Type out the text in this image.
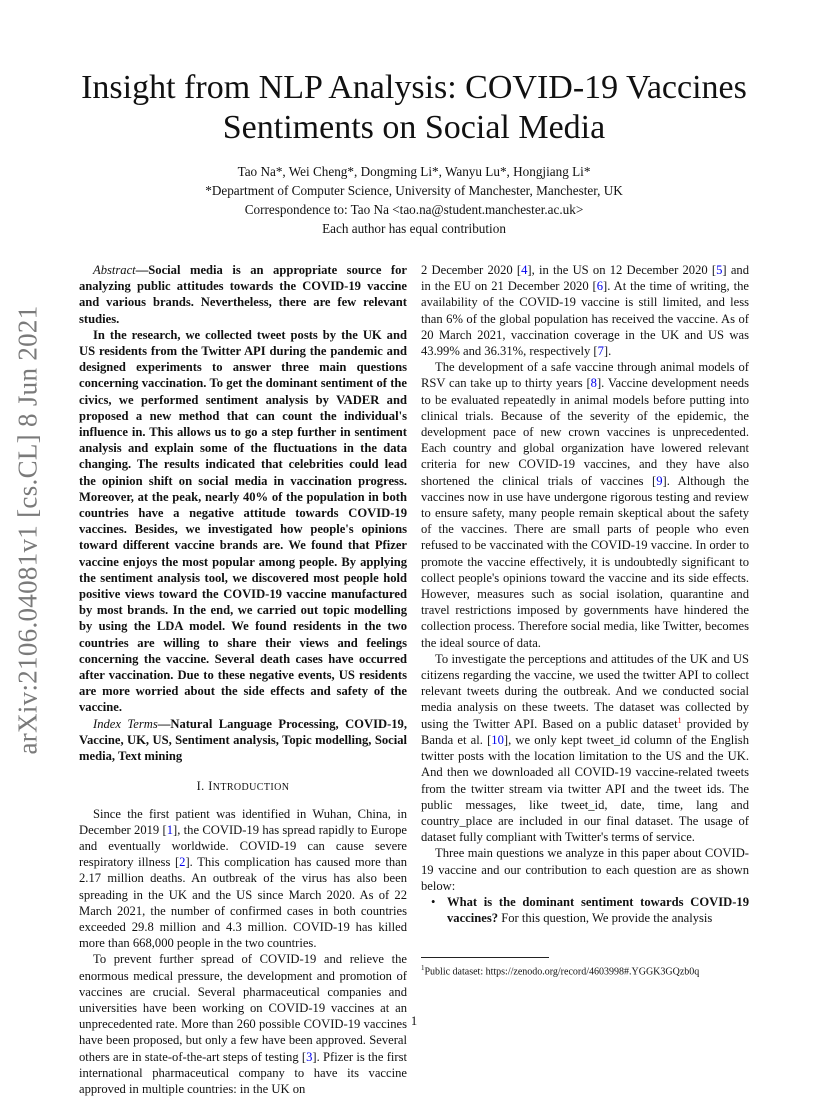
arXiv:2106.04081v1 [cs.CL] 8 Jun 2021
Insight from NLP Analysis: COVID-19 Vaccines
Sentiments on Social Media
Tao Na*, Wei Cheng*, Dongming Li*, Wanyu Lu*, Hongjiang Li*
*Department of Computer Science, University of Manchester, Manchester, UK
Correspondence to: Tao Na <tao.na@student.manchester.ac.uk>
Each author has equal contribution

Abstract—Social media is an appropriate source for analyzing public attitudes towards the COVID-19 vaccine and various brands. Nevertheless, there are few relevant studies.

In the research, we collected tweet posts by the UK and US residents from the Twitter API during the pandemic and designed experiments to answer three main questions concerning vaccination. To get the dominant sentiment of the civics, we performed sentiment analysis by VADER and proposed a new method that can count the individual's influence in. This allows us to go a step further in sentiment analysis and explain some of the fluctuations in the data changing. The results indicated that celebrities could lead the opinion shift on social media in vaccination progress. Moreover, at the peak, nearly 40% of the population in both countries have a negative attitude towards COVID-19 vaccines. Besides, we investigated how people's opinions toward different vaccine brands are. We found that Pfizer vaccine enjoys the most popular among people. By applying the sentiment analysis tool, we discovered most people hold positive views toward the COVID-19 vaccine manufactured by most brands. In the end, we carried out topic modelling by using the LDA model. We found residents in the two countries are willing to share their views and feelings concerning the vaccine. Several death cases have occurred after vaccination. Due to these negative events, US residents are more worried about the side effects and safety of the vaccine.

Index Terms—Natural Language Processing, COVID-19, Vaccine, UK, US, Sentiment analysis, Topic modelling, Social media, Text mining

I. INTRODUCTION

Since the first patient was identified in Wuhan, China, in December 2019 [ 1 ] , the COVID-19 has spread rapidly to Europe and eventually worldwide. COVID-19 can cause severe respiratory illness [ 2 ] . This complication has caused more than 2.17 million deaths. An outbreak of the virus has also been spreading in the UK and the US since March 2020. As of 22 March 2021, the number of confirmed cases in both countries exceeded 29.8 million and 4.3 million. COVID-19 has killed more than 668,000 people in the two countries.

To prevent further spread of COVID-19 and relieve the enormous medical pressure, the development and promotion of vaccines are crucial. Several pharmaceutical companies and universities have been working on COVID-19 vaccines at an unprecedented rate. More than 260 possible COVID-19 vaccines have been proposed, but only a few have been approved. Several others are in state-of-the-art steps of testing [ 3 ] . Pfizer is the first international pharmaceutical company to have its vaccine approved in multiple countries: in the UK on

2 December 2020 [ 4 ] , in the US on 12 December 2020 [ 5 ] and in the EU on 21 December 2020 [ 6 ] . At the time of writing, the availability of the COVID-19 vaccine is still limited, and less than 6% of the global population has received the vaccine. As of 20 March 2021, vaccination coverage in the UK and US was 43.99% and 36.31%, respectively [ 7 ] .

The development of a safe vaccine through animal models of RSV can take up to thirty years [ 8 ] . Vaccine development needs to be evaluated repeatedly in animal models before putting into clinical trials. Because of the severity of the epidemic, the development pace of new crown vaccines is unprecedented. Each country and global organization have lowered relevant criteria for new COVID-19 vaccines, and they have also shortened the clinical trials of vaccines [ 9 ] . Although the vaccines now in use have undergone rigorous testing and review to ensure safety, many people remain skeptical about the safety of the vaccines. There are small parts of people who even refused to be vaccinated with the COVID-19 vaccine. In order to promote the vaccine effectively, it is undoubtedly significant to collect people's opinions toward the vaccine and its side effects. However, measures such as social isolation, quarantine and travel restrictions imposed by governments have hindered the collection process. Therefore social media, like Twitter, becomes the ideal source of data.

To investigate the perceptions and attitudes of the UK and US citizens regarding the vaccine, we used the twitter API to collect relevant tweets during the outbreak. And we conducted social media analysis on these tweets. The dataset was collected by using the Twitter API. Based on a public dataset$^1$ provided by Banda et al. [ 10 ] , we only kept tweet_id column of the English twitter posts with the location limitation to the US and the UK. And then we downloaded all COVID-19 vaccine-related tweets from the twitter stream via twitter API and the tweet ids. The public messages, like tweet_id, date, time, lang and country_place are included in our final dataset. The usage of dataset fully compliant with Twitter's terms of service.

Three main questions we analyze in this paper about COVID-19 vaccine and our contribution to each question are as shown below:

• What is the dominant sentiment towards COVID-19 vaccines? For this question, We provide the analysis

$^1$Public dataset: https://zenodo.org/record/4603998#.YGGK3GQzb0q
1
